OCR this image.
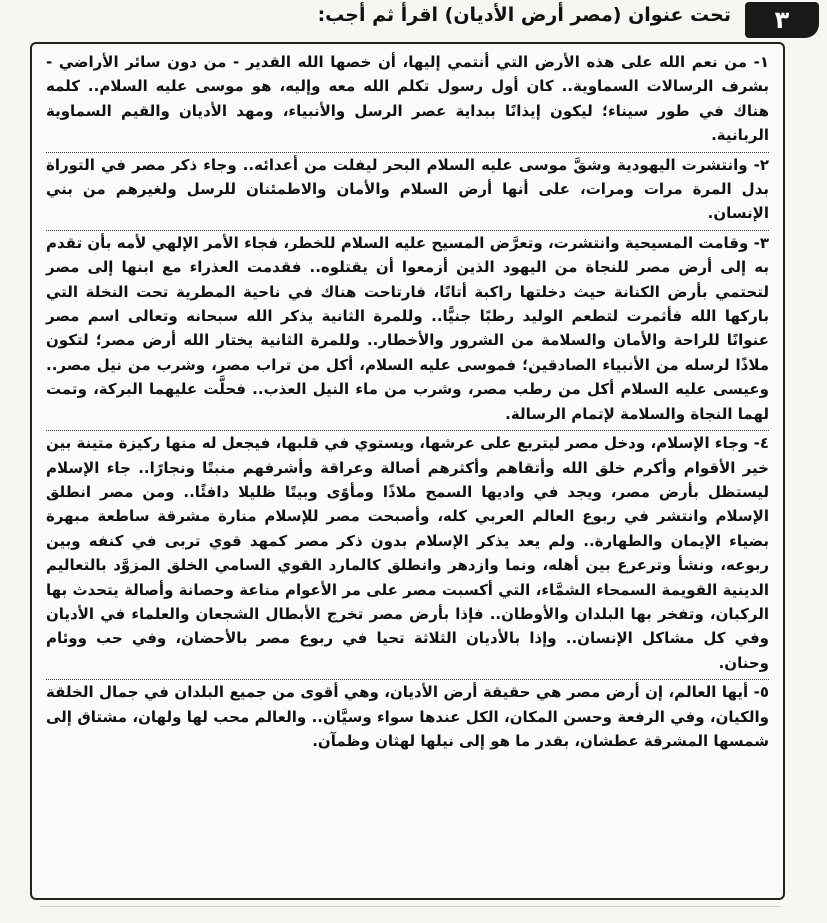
٣
تحت عنوان (مصر أرض الأديان) اقرأ ثم أجب:

١- من نعم الله على هذه الأرض التي أنتمي إليها، أن خصها الله القدير - من دون سائر الأراضي - بشرف الرسالات السماوية.. كان أول رسول تكلم الله معه وإليه، هو موسى عليه السلام.. كلمه هناك في طور سيناء؛ ليكون إيذانًا ببداية عصر الرسل والأنبياء، ومهد الأديان والقيم السماوية الربانية.

٢- وانتشرت اليهودية وشقَّ موسى عليه السلام البحر ليفلت من أعدائه.. وجاء ذكر مصر في التوراة بدل المرة مرات ومرات، على أنها أرض السلام والأمان والاطمئنان للرسل ولغيرهم من بني الإنسان.

٣- وقامت المسيحية وانتشرت، وتعرَّض المسيح عليه السلام للخطر، فجاء الأمر الإلهي لأمه بأن تقدم به إلى أرض مصر للنجاة من اليهود الذين أزمعوا أن يقتلوه.. فقدمت العذراء مع ابنها إلى مصر لتحتمي بأرض الكنانة حيث دخلتها راكبة أتانًا، فارتاحت هناك في ناحية المطرية تحت النخلة التي باركها الله فأثمرت لتطعم الوليد رطبًا جنيًّا.. وللمرة الثانية يذكر الله سبحانه وتعالى اسم مصر عنوانًا للراحة والأمان والسلامة من الشرور والأخطار.. وللمرة الثانية يختار الله أرض مصر؛ لتكون ملاذًا لرسله من الأنبياء الصادقين؛ فموسى عليه السلام، أكل من تراب مصر، وشرب من نيل مصر.. وعيسى عليه السلام أكل من رطب مصر، وشرب من ماء النيل العذب.. فحلَّت عليهما البركة، وتمت لهما النجاة والسلامة لإتمام الرسالة.

٤- وجاء الإسلام، ودخل مصر ليتربع على عرشها، ويستوي في قلبها، فيجعل له منها ركيزة متينة بين خير الأقوام وأكرم خلق الله وأتقاهم وأكثرهم أصالة وعراقة وأشرفهم منبتًا ونجارًا.. جاء الإسلام ليستظل بأرض مصر، ويجد في واديها السمح ملاذًا ومأوًى وبيتًا ظليلا دافئًا.. ومن مصر انطلق الإسلام وانتشر في ربوع العالم العربي كله، وأصبحت مصر للإسلام منارة مشرقة ساطعة مبهرة بضياء الإيمان والطهارة.. ولم يعد يذكر الإسلام بدون ذكر مصر كمهد قوي تربى في كنفه وبين ربوعه، ونشأ وترعرع بين أهله، ونما وازدهر وانطلق كالمارد القوي السامي الخلق المزوَّد بالتعاليم الدينية القويمة السمحاء الشمَّاء، التي أكسبت مصر على مر الأعوام مناعة وحصانة وأصالة يتحدث بها الركبان، وتفخر بها البلدان والأوطان.. فإذا بأرض مصر تخرج الأبطال الشجعان والعلماء في الأديان وفي كل مشاكل الإنسان.. وإذا بالأديان الثلاثة تحيا في ربوع مصر بالأحضان، وفي حب ووئام وحنان.

٥- أيها العالم، إن أرض مصر هي حقيقة أرض الأديان، وهي أقوى من جميع البلدان في جمال الخلقة والكيان، وفي الرفعة وحسن المكان، الكل عندها سواء وسيَّان.. والعالم محب لها ولهان، مشتاق إلى شمسها المشرقة عطشان، بقدر ما هو إلى نيلها لهثان وظمآن.
